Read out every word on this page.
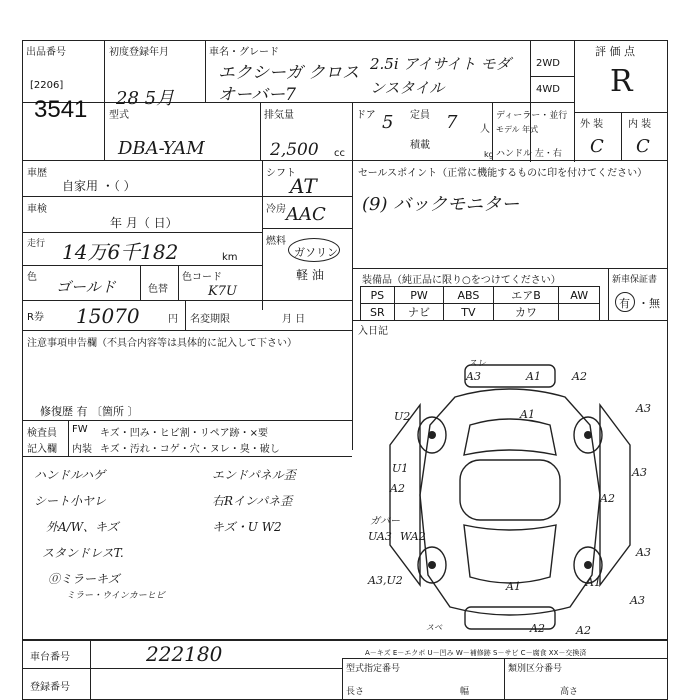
出品番号
[2206]
3541
初度登録年月
28 5月
車名・グレード
エクシーガ クロスオーバー7
2.5i アイサイト モダンスタイル
2WD
4WD
評 価 点
R
外 装 内 装
C C
型式
DBA-YAM
排気量
2,500 cc
ドア 5 定員 7 人
積載
kg
ディーラー・並行
モデル 年式
ハンドル 左・右
車歴
自家用 ・（ ）
車検
年 月（ 日）
走行 14万6千182	km
色
ゴールド	色替
色コード
K7U
シフト
AT
冷房 AAC
燃料
ガソリン
軽 油
セールスポイント（正常に機能するものに印を付けてください）
(9) バックモニター
装備品（純正品に限り○をつけてください）
PS	PW	ABS	エアB	AW
SR	ナビ	TV	カワ	
新車保証書
有 ・無
入日記
R券 15070	円 名変期限	月 日
注意事項申告欄（不具合内容等は具体的に記入して下さい）
修復歴 有 〔箇所 〕
検査員
記入欄
FW キズ・凹み・ヒビ割・リペア跡・×要
内装 キズ・汚れ・コゲ・穴・ヌレ・臭・破し
ハンドルハゲ
シート小ヤレ
外A/W、キズ
スタンドレスT.
⓪ミラーキズ
ミラー・ウインカーヒビ
エンドパネル歪
右Rインパネ歪
キズ・U W2
A3	A1	A2
A1	A3
U2
U1
A2
A3
A2
ガバー
UA3 WA2
A3
A1
A3,U2
A2	A2
A1
A3
スベ
スレ
A－キズ E－エクボ U－凹み W－補修跡 S－サビ C－腐食 XX－交換済
車台番号	222180
登録番号
型式指定番号	類別区分番号
長さ	幅	高さ
